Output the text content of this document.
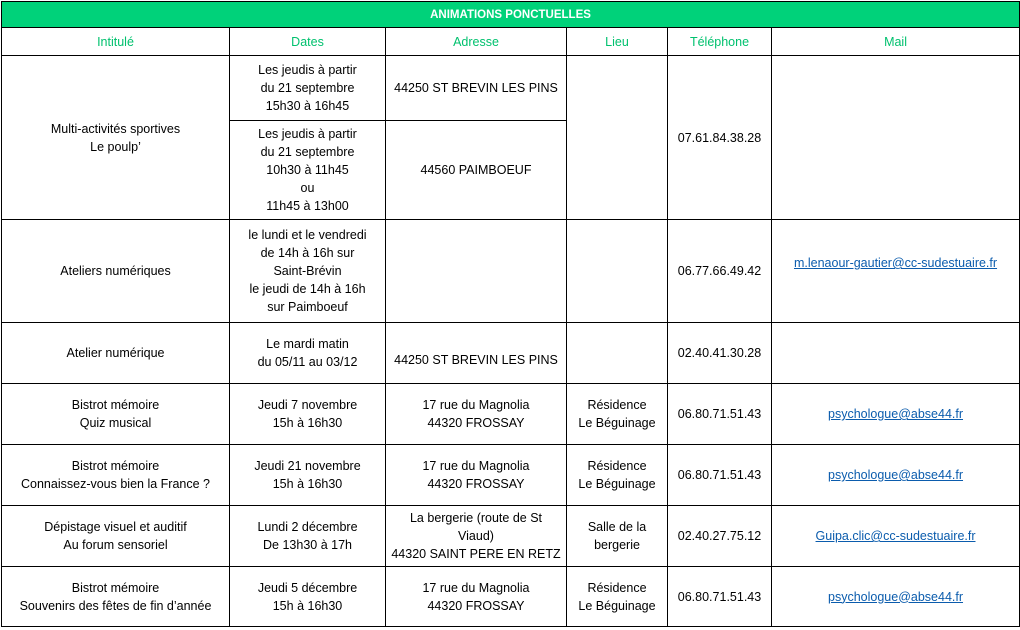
ANIMATIONS PONCTUELLES					
Intitulé	Dates	Adresse	Lieu	Téléphone	Mail

Multi-activités sportives
Le poulp’	Les jeudis à partir
du 21 septembre
15h30 à 16h45	44250 ST BREVIN LES PINS		07.61.84.38.28	

	Les jeudis à partir
du 21 septembre
10h30 à 11h45
ou
11h45 à 13h00	44560 PAIMBOEUF			

Ateliers numériques	le lundi et le vendredi
de 14h à 16h sur
Saint-Brévin
le jeudi de 14h à 16h
sur Paimboeuf			06.77.66.49.42	m.lenaour-gautier@cc-sudestuaire.fr

Atelier numérique	Le mardi matin
du 05/11 au 03/12	44250 ST BREVIN LES PINS		02.40.41.30.28	

Bistrot mémoire
Quiz musical	Jeudi 7 novembre
15h à 16h30	17 rue du Magnolia
44320 FROSSAY	Résidence
Le Béguinage	06.80.71.51.43	psychologue@abse44.fr

Bistrot mémoire
Connaissez-vous bien la France ?	Jeudi 21 novembre
15h à 16h30	17 rue du Magnolia
44320 FROSSAY	Résidence
Le Béguinage	06.80.71.51.43	psychologue@abse44.fr

Dépistage visuel et auditif
Au forum sensoriel	Lundi 2 décembre
De 13h30 à 17h	La bergerie (route de St
Viaud)
44320 SAINT PERE EN RETZ	Salle de la
bergerie	02.40.27.75.12	Guipa.clic@cc-sudestuaire.fr

Bistrot mémoire
Souvenirs des fêtes de fin d’année	Jeudi 5 décembre
15h à 16h30	17 rue du Magnolia
44320 FROSSAY	Résidence
Le Béguinage	06.80.71.51.43	psychologue@abse44.fr
